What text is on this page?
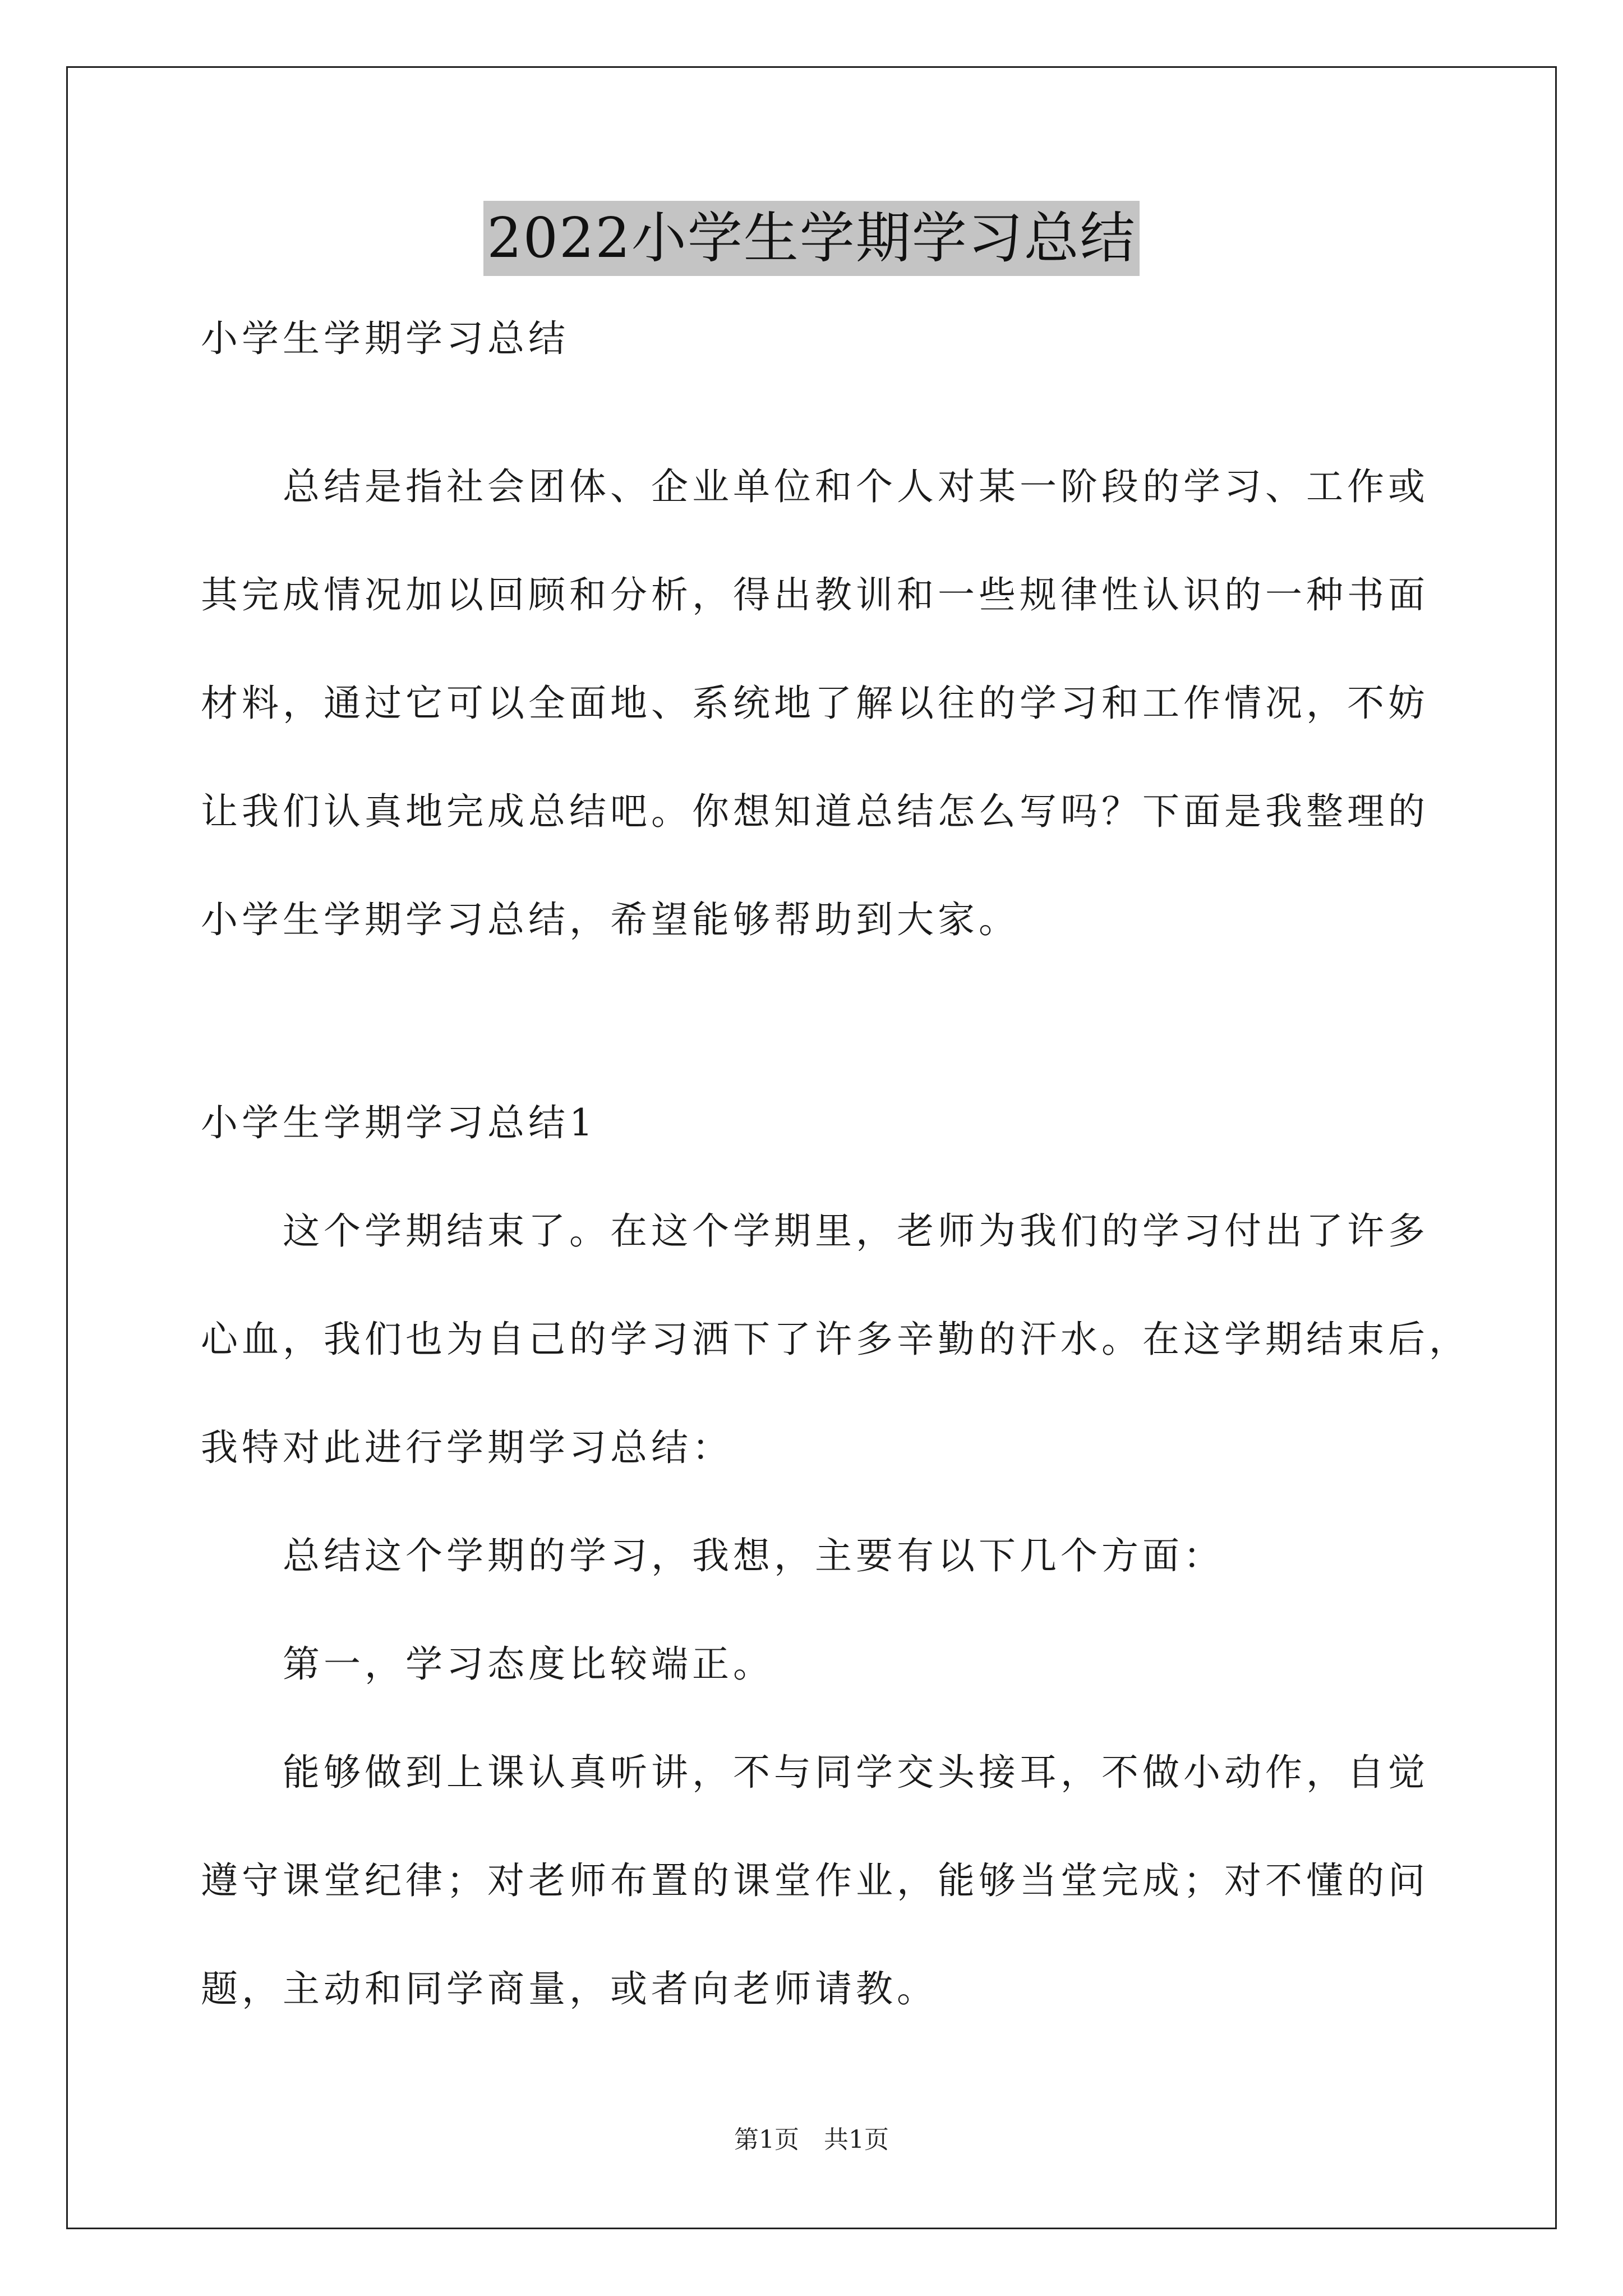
2022小学生学期学习总结

小学生学期学习总结

　　总结是指社会团体、企业单位和个人对某一阶段的学习、工作或

其完成情况加以回顾和分析，得出教训和一些规律性认识的一种书面

材料，通过它可以全面地、系统地了解以往的学习和工作情况，不妨

让我们认真地完成总结吧。你想知道总结怎么写吗？下面是我整理的

小学生学期学习总结，希望能够帮助到大家。

小学生学期学习总结1

　　这个学期结束了。在这个学期里，老师为我们的学习付出了许多

心血，我们也为自己的学习洒下了许多辛勤的汗水。在这学期结束后，

我特对此进行学期学习总结：

　　总结这个学期的学习，我想，主要有以下几个方面：

　　第一，学习态度比较端正。

　　能够做到上课认真听讲，不与同学交头接耳，不做小动作，自觉

遵守课堂纪律；对老师布置的课堂作业，能够当堂完成；对不懂的问

题，主动和同学商量，或者向老师请教。

第1页　共1页
